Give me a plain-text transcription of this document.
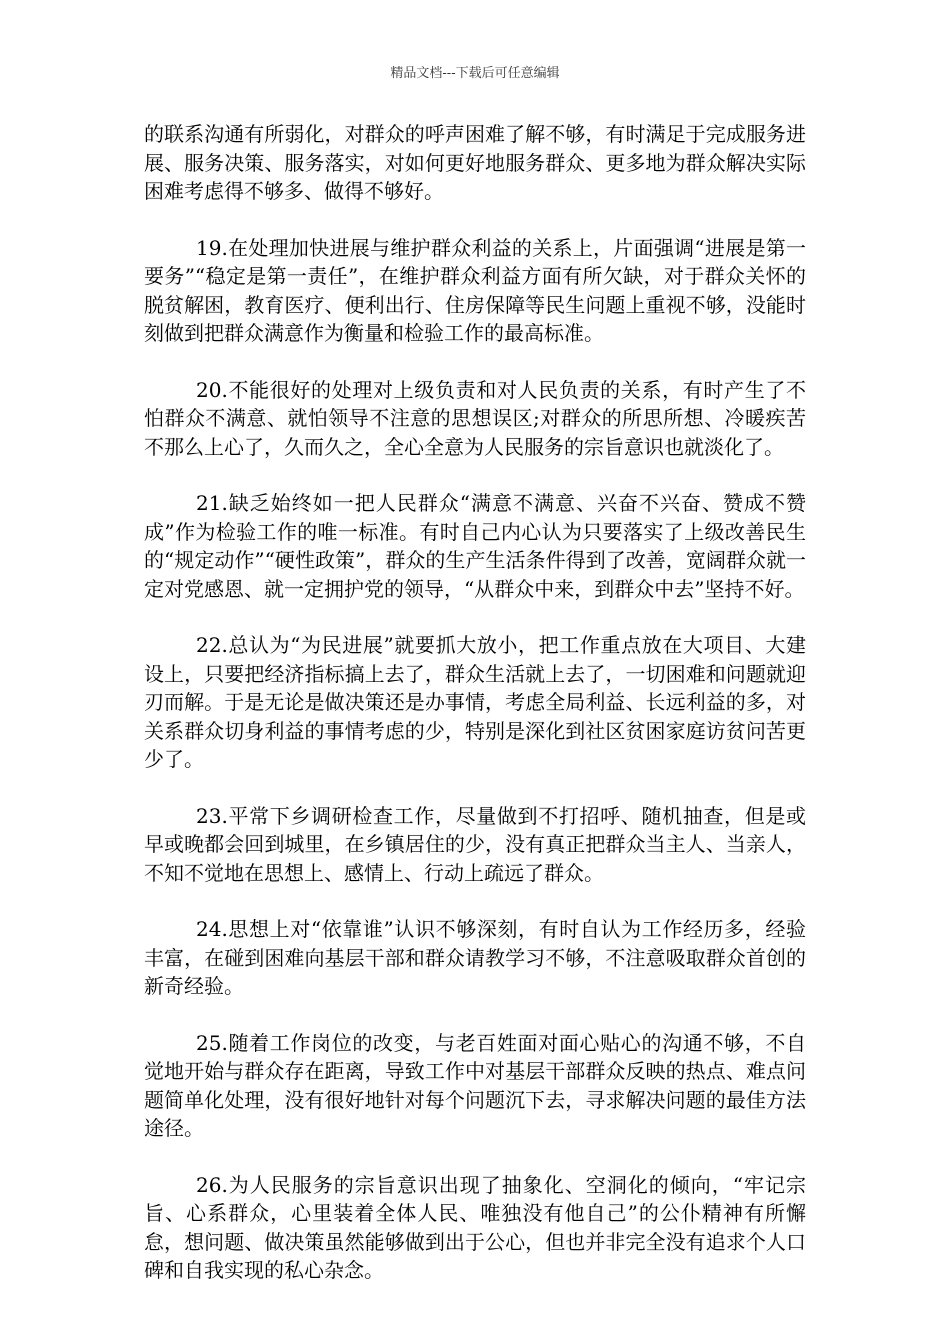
精品文档---下载后可任意编辑

的联系沟通有所弱化，对群众的呼声困难了解不够，有时满足于完成服务进展、服务决策、服务落实，对如何更好地服务群众、更多地为群众解决实际困难考虑得不够多、做得不够好。

19.在处理加快进展与维护群众利益的关系上，片面强调“进展是第一要务”“稳定是第一责任”，在维护群众利益方面有所欠缺，对于群众关怀的脱贫解困，教育医疗、便利出行、住房保障等民生问题上重视不够，没能时刻做到把群众满意作为衡量和检验工作的最高标准。

20.不能很好的处理对上级负责和对人民负责的关系，有时产生了不怕群众不满意、就怕领导不注意的思想误区;对群众的所思所想、冷暖疾苦不那么上心了，久而久之，全心全意为人民服务的宗旨意识也就淡化了。

21.缺乏始终如一把人民群众“满意不满意、兴奋不兴奋、赞成不赞成”作为检验工作的唯一标准。有时自己内心认为只要落实了上级改善民生的“规定动作”“硬性政策”，群众的生产生活条件得到了改善，宽阔群众就一定对党感恩、就一定拥护党的领导，“从群众中来，到群众中去”坚持不好。

22.总认为“为民进展”就要抓大放小，把工作重点放在大项目、大建设上，只要把经济指标搞上去了，群众生活就上去了，一切困难和问题就迎刃而解。于是无论是做决策还是办事情，考虑全局利益、长远利益的多，对关系群众切身利益的事情考虑的少，特别是深化到社区贫困家庭访贫问苦更少了。

23.平常下乡调研检查工作，尽量做到不打招呼、随机抽查，但是或早或晚都会回到城里，在乡镇居住的少，没有真正把群众当主人、当亲人，不知不觉地在思想上、感情上、行动上疏远了群众。

24.思想上对“依靠谁”认识不够深刻，有时自认为工作经历多，经验丰富，在碰到困难向基层干部和群众请教学习不够，不注意吸取群众首创的新奇经验。

25.随着工作岗位的改变，与老百姓面对面心贴心的沟通不够，不自觉地开始与群众存在距离，导致工作中对基层干部群众反映的热点、难点问题简单化处理，没有很好地针对每个问题沉下去，寻求解决问题的最佳方法途径。

26.为人民服务的宗旨意识出现了抽象化、空洞化的倾向，“牢记宗旨、心系群众，心里装着全体人民、唯独没有他自己”的公仆精神有所懈怠，想问题、做决策虽然能够做到出于公心，但也并非完全没有追求个人口碑和自我实现的私心杂念。
